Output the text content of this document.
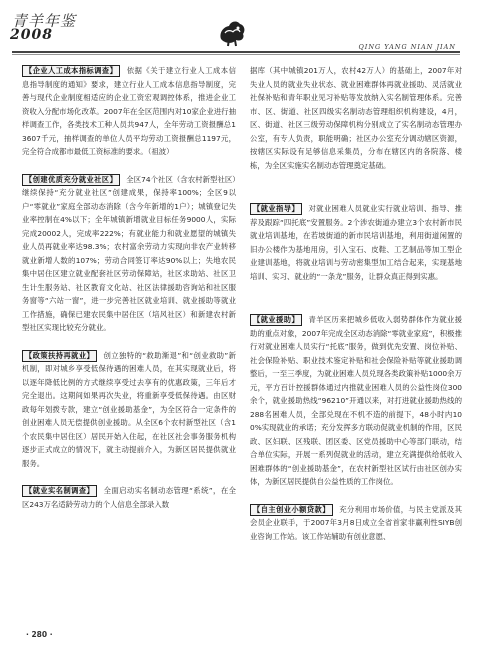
青羊年鉴
2008
QING YANG NIAN JIAN

【企业人工成本指标调查】 依据《关于建立行业人工成本信息指导制度的通知》要求，建立行业人工成本信息指导制度，完善与现代企业制度相适应的企业工资宏观调控体系，推进企业工资收入分配市场化改革。2007年在全区范围内对10家企业进行抽样调查工作，各类技术工种人员共947人，全年劳动工资报酬总13607千元，抽样调查的单位人员平均劳动工资报酬总1197元，完全符合成都市最低工资标准的要求。（祖波）

【创建优质充分就业社区】 全区74个社区（含农村新型社区）继续保持“充分就业社区”创建成果，保持率100%；全区9以户“零就业”家庭全部动态消除（含今年新增的1户）；城镇登记失业率控制在4%以下；全年城镇新增就业目标任务9000人，实际完成20002人，完成率222%；有就业能力和就业愿望的城镇失业人员再就业率达98.3%；农村富余劳动力实现向非农产业转移就业新增人数的107%；劳动合同签订率达90%以上；失地农民集中居住区建立就业配套社区劳动保障站，社区求助站、社区卫生计生服务站、社区教育文化站、社区法律援助咨询站和社区服务窗等“六站一窗”，进一步完善社区就业培训、就业援助等就业工作措施，确保已建农民集中居住区（培风社区）和新建农村新型社区实现比较充分就业。

【政策扶持再就业】 创立独特的“救助渐退”和“创业救助”新机制，即对城乡享受低保待遇的困难人员，在其实现就业后，将以逐年降低比例的方式继续享受过去享有的优惠政策，三年后才完全退出。这期间如果再次失业，将重新享受低保待遇。由区财政每年划拨专款，建立“创业援助基金”，为全区符合一定条件的创业困难人员无偿提供创业援助。从全区6个农村新型社区（含1个农民集中居住区）居民开始入住起，在社区社会事务服务机构逐步正式成立的情况下，就主动提前介入，为新区居民提供就业服务。

【就业实名制调查】 全面启动实名制动态管理“系统”，在全区243万名适龄劳动力的个人信息全部录入数

据库（其中城镇201万人，农村42万人）的基础上，2007年对失业人员的就业失业状态、就业困难群体再就业援助、灵活就业社保补贴和青年职业见习补贴等发放纳入实名制管理体系。完善市、区、街道、社区四级实名制动态管理组织机构建设，4月，区、街道、社区三级劳动保障机构分别成立了实名制动态管理办公室，有专人负责，职能明确；社区办公室充分调动辖区资源，按辖区实际设有足够信息采集员，分布在辖区内的各院落、楼栋，为全区实施实名制动态管理奠定基础。

【就业指导】 对就业困难人员就业实行就业培训、指导、推荐及跟踪“四托底”安置服务。2个涉农街道办建立3个农村新市民就业培训基地，在若坡街道的新市民培训基地，利用街道闲置的旧办公楼作为基地用房，引入宝石、皮鞋、工艺制品等加工型企业建训基地，将就业培训与劳动密集型加工结合起来，实现基地培训、实习、就业的“一条龙”服务，让群众真正得到实惠。

【就业援助】 青羊区历来把城乡低收入弱势群体作为就业援助的重点对象，2007年完成全区动态消除“零就业家庭”，积极推行对就业困难人员实行“托底”服务，做到优先安置、岗位补贴、社会保险补贴、职业技术鉴定补贴和社会保险补贴等就业援助调整后，一至三季度，为就业困难人员兑现各类政策补贴1000余万元，平方百计控援群体通过内推就业困难人员的公益性岗位300余个，就业援助热线“96210”开通以来，对打进就业援助热线的288名困难人员，全部兑现在不机不造的前提下，48小时内100%实现就业的承诺；充分发挥多方联动促就业机制的作用，区民政、区妇联、区残联、团区委、区党员援助中心等部门联动，结合单位实际，开展一系列促就业的活动，建立充满提供给低收入困难群体的“创业援助基金”，在农村新型社区试行由社区创办实体，为新区居民提供自公益性质的工作岗位。

【自主创业小额贷款】 充分利用市场价值，与民主党派及其会员企业联手，于2007年3月8日成立全省首家非赢利性SIYB创业咨询工作站。该工作站辅助有创业意愿、

· 280 ·
